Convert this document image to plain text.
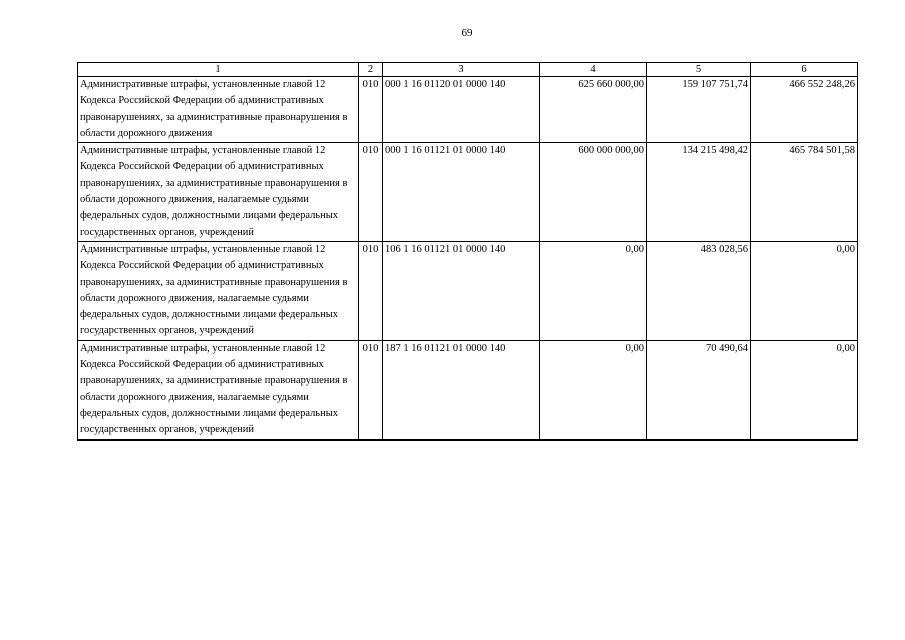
69
1	2	3	4	5	6
Административные штрафы, установленные главой 12 Кодекса Российской Федерации об административных правонарушениях, за административные правонарушения в области дорожного движения	010	000 1 16 01120 01 0000 140	625 660 000,00	159 107 751,74	466 552 248,26
Административные штрафы, установленные главой 12 Кодекса Российской Федерации об административных правонарушениях, за административные правонарушения в области дорожного движения, налагаемые судьями федеральных судов, должностными лицами федеральных государственных органов, учреждений	010	000 1 16 01121 01 0000 140	600 000 000,00	134 215 498,42	465 784 501,58
Административные штрафы, установленные главой 12 Кодекса Российской Федерации об административных правонарушениях, за административные правонарушения в области дорожного движения, налагаемые судьями федеральных судов, должностными лицами федеральных государственных органов, учреждений	010	106 1 16 01121 01 0000 140	0,00	483 028,56	0,00
Административные штрафы, установленные главой 12 Кодекса Российской Федерации об административных правонарушениях, за административные правонарушения в области дорожного движения, налагаемые судьями федеральных судов, должностными лицами федеральных государственных органов, учреждений	010	187 1 16 01121 01 0000 140	0,00	70 490,64	0,00
